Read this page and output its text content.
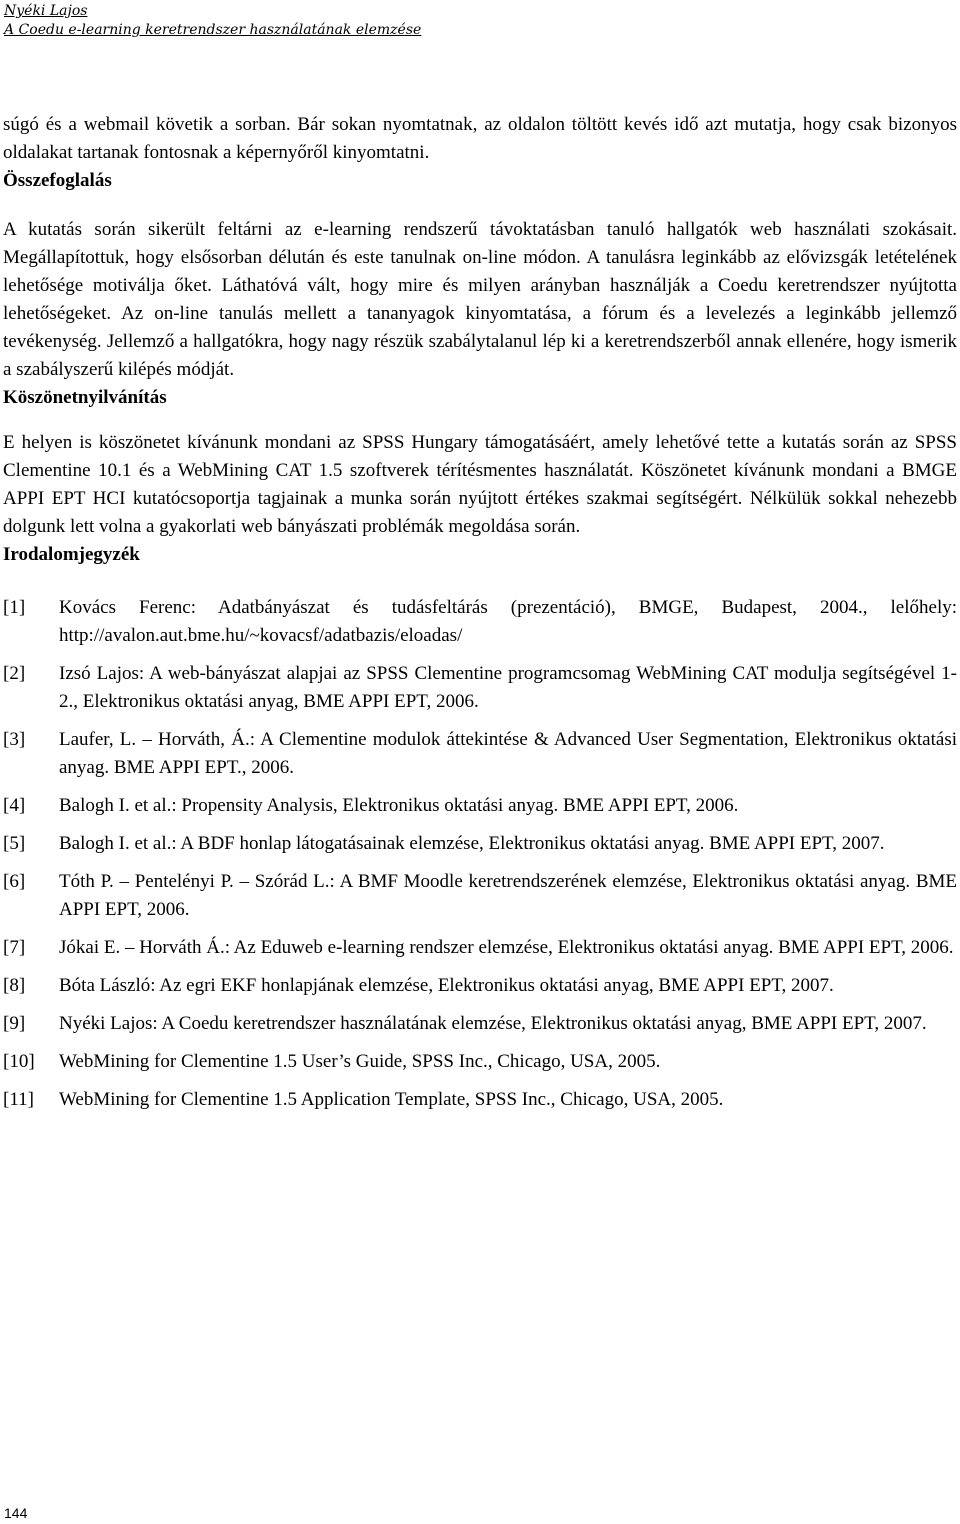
Nyéki Lajos
A Coedu e-learning keretrendszer használatának elemzése

súgó és a webmail követik a sorban. Bár sokan nyomtatnak, az oldalon töltött kevés idő azt mutatja, hogy csak bizonyos oldalakat tartanak fontosnak a képernyőről kinyomtatni.

Összefoglalás

A kutatás során sikerült feltárni az e-learning rendszerű távoktatásban tanuló hallgatók web használati szokásait. Megállapítottuk, hogy elsősorban délután és este tanulnak on-line módon. A tanulásra leginkább az elővizsgák letételének lehetősége motiválja őket. Láthatóvá vált, hogy mire és milyen arányban használják a Coedu keretrendszer nyújtotta lehetőségeket. Az on-line tanulás mellett a tananyagok kinyomtatása, a fórum és a levelezés a leginkább jellemző tevékenység. Jellemző a hallgatókra, hogy nagy részük szabálytalanul lép ki a keretrendszerből annak ellenére, hogy ismerik a szabályszerű kilépés módját.

Köszönetnyilvánítás

E helyen is köszönetet kívánunk mondani az SPSS Hungary támogatásáért, amely lehetővé tette a kutatás során az SPSS Clementine 10.1 és a WebMining CAT 1.5 szoftverek térítésmentes használatát. Köszönetet kívánunk mondani a BMGE APPI EPT HCI kutatócsoportja tagjainak a munka során nyújtott értékes szakmai segítségért. Nélkülük sokkal nehezebb dolgunk lett volna a gyakorlati web bányászati problémák megoldása során.

Irodalomjegyzék
[1]	Kovács Ferenc: Adatbányászat és tudásfeltárás (prezentáció), BMGE, Budapest, 2004., lelőhely: http://avalon.aut.bme.hu/~kovacsf/adatbazis/eloadas/
[2]	Izsó Lajos: A web-bányászat alapjai az SPSS Clementine programcsomag WebMining CAT modulja segítségével 1-2., Elektronikus oktatási anyag, BME APPI EPT, 2006.
[3]	Laufer, L. – Horváth, Á.: A Clementine modulok áttekintése & Advanced User Segmentation, Elektronikus oktatási anyag. BME APPI EPT., 2006.
[4]	Balogh I. et al.: Propensity Analysis, Elektronikus oktatási anyag. BME APPI EPT, 2006.
[5]	Balogh I. et al.: A BDF honlap látogatásainak elemzése, Elektronikus oktatási anyag. BME APPI EPT, 2007.
[6]	Tóth P. – Pentelényi P. – Szórád L.: A BMF Moodle keretrendszerének elemzése, Elektronikus oktatási anyag. BME APPI EPT, 2006.
[7]	Jókai E. – Horváth Á.: Az Eduweb e-learning rendszer elemzése, Elektronikus oktatási anyag. BME APPI EPT, 2006.
[8]	Bóta László: Az egri EKF honlapjának elemzése, Elektronikus oktatási anyag, BME APPI EPT, 2007.
[9]	Nyéki Lajos: A Coedu keretrendszer használatának elemzése, Elektronikus oktatási anyag, BME APPI EPT, 2007.
[10]	WebMining for Clementine 1.5 User’s Guide, SPSS Inc., Chicago, USA, 2005.
[11]	WebMining for Clementine 1.5 Application Template, SPSS Inc., Chicago, USA, 2005.
144
